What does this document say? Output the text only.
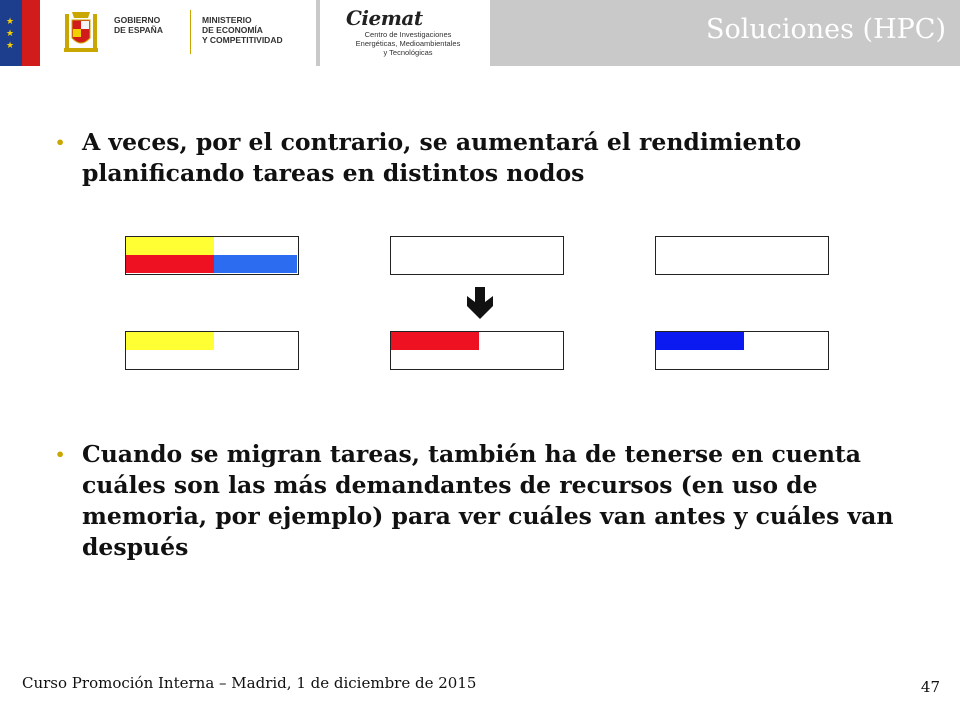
★
★
★
GOBIERNO
DE ESPAÑA
MINISTERIO
DE ECONOMÍA
Y COMPETITIVIDAD
Ciemat
Centro de Investigaciones
Energéticas, Medioambientales
y Tecnológicas
Soluciones (HPC)
• A veces, por el contrario, se aumentará el rendimiento planificando tareas en distintos nodos
• Cuando se migran tareas, también ha de tenerse en cuenta cuáles son las más demandantes de recursos (en uso de memoria, por ejemplo) para ver cuáles van antes y cuáles van después
Curso Promoción Interna – Madrid, 1 de diciembre de 2015	47
